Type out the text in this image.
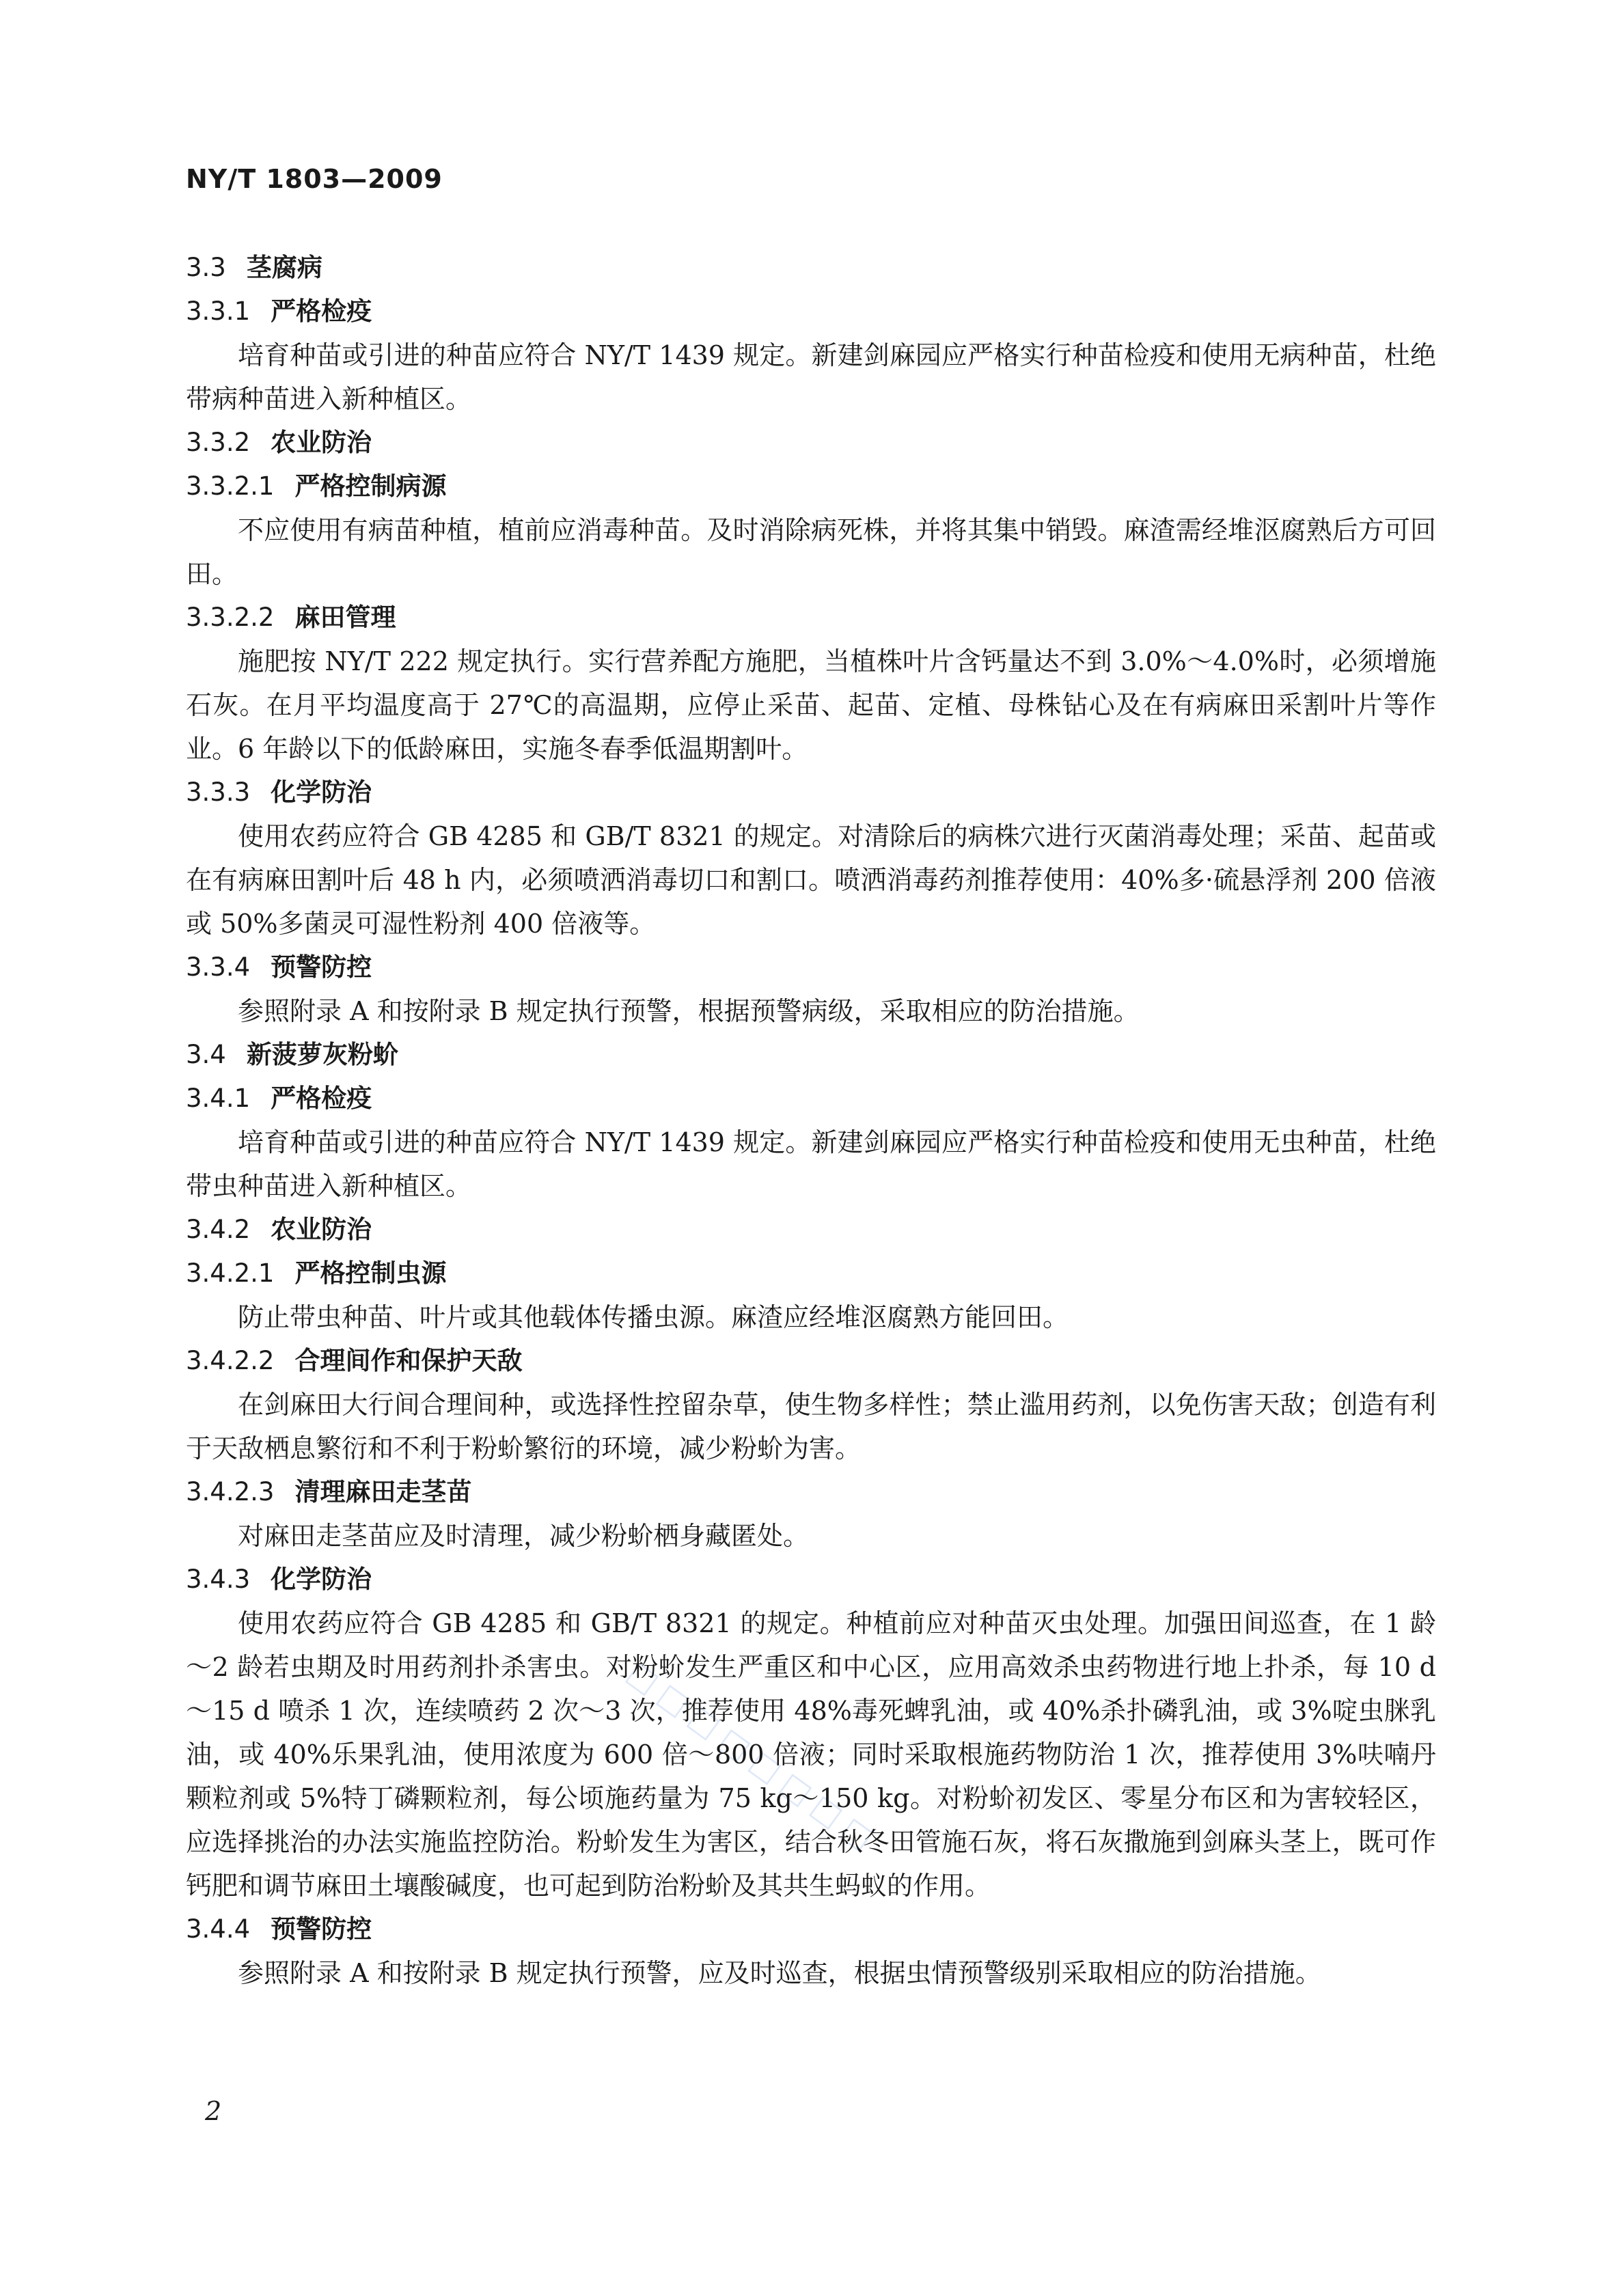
NY/T 1803—2009
□□□□□□□□
3.3 茎腐病
3.3.1 严格检疫
培育种苗或引进的种苗应符合 NY/T 1439 规定。新建剑麻园应严格实行种苗检疫和使用无病种苗，杜绝带病种苗进入新种植区。
3.3.2 农业防治
3.3.2.1 严格控制病源
不应使用有病苗种植，植前应消毒种苗。及时消除病死株，并将其集中销毁。麻渣需经堆沤腐熟后方可回田。
3.3.2.2 麻田管理
施肥按 NY/T 222 规定执行。实行营养配方施肥，当植株叶片含钙量达不到 3.0%～4.0%时，必须增施石灰。在月平均温度高于 27℃的高温期，应停止采苗、起苗、定植、母株钻心及在有病麻田采割叶片等作业。6 年龄以下的低龄麻田，实施冬春季低温期割叶。
3.3.3 化学防治
使用农药应符合 GB 4285 和 GB/T 8321 的规定。对清除后的病株穴进行灭菌消毒处理；采苗、起苗或在有病麻田割叶后 48 h 内，必须喷洒消毒切口和割口。喷洒消毒药剂推荐使用：40%多·硫悬浮剂 200 倍液或 50%多菌灵可湿性粉剂 400 倍液等。
3.3.4 预警防控
参照附录 A 和按附录 B 规定执行预警，根据预警病级，采取相应的防治措施。
3.4 新菠萝灰粉蚧
3.4.1 严格检疫
培育种苗或引进的种苗应符合 NY/T 1439 规定。新建剑麻园应严格实行种苗检疫和使用无虫种苗，杜绝带虫种苗进入新种植区。
3.4.2 农业防治
3.4.2.1 严格控制虫源
防止带虫种苗、叶片或其他载体传播虫源。麻渣应经堆沤腐熟方能回田。
3.4.2.2 合理间作和保护天敌
在剑麻田大行间合理间种，或选择性控留杂草，使生物多样性；禁止滥用药剂，以免伤害天敌；创造有利于天敌栖息繁衍和不利于粉蚧繁衍的环境，减少粉蚧为害。
3.4.2.3 清理麻田走茎苗
对麻田走茎苗应及时清理，减少粉蚧栖身藏匿处。
3.4.3 化学防治
使用农药应符合 GB 4285 和 GB/T 8321 的规定。种植前应对种苗灭虫处理。加强田间巡查，在 1 龄～2 龄若虫期及时用药剂扑杀害虫。对粉蚧发生严重区和中心区，应用高效杀虫药物进行地上扑杀，每 10 d～15 d 喷杀 1 次，连续喷药 2 次～3 次，推荐使用 48%毒死蜱乳油，或 40%杀扑磷乳油，或 3%啶虫脒乳油，或 40%乐果乳油，使用浓度为 600 倍～800 倍液；同时采取根施药物防治 1 次，推荐使用 3%呋喃丹颗粒剂或 5%特丁磷颗粒剂，每公顷施药量为 75 kg～150 kg。对粉蚧初发区、零星分布区和为害较轻区，应选择挑治的办法实施监控防治。粉蚧发生为害区，结合秋冬田管施石灰，将石灰撒施到剑麻头茎上，既可作钙肥和调节麻田土壤酸碱度，也可起到防治粉蚧及其共生蚂蚁的作用。
3.4.4 预警防控
参照附录 A 和按附录 B 规定执行预警，应及时巡查，根据虫情预警级别采取相应的防治措施。
2
